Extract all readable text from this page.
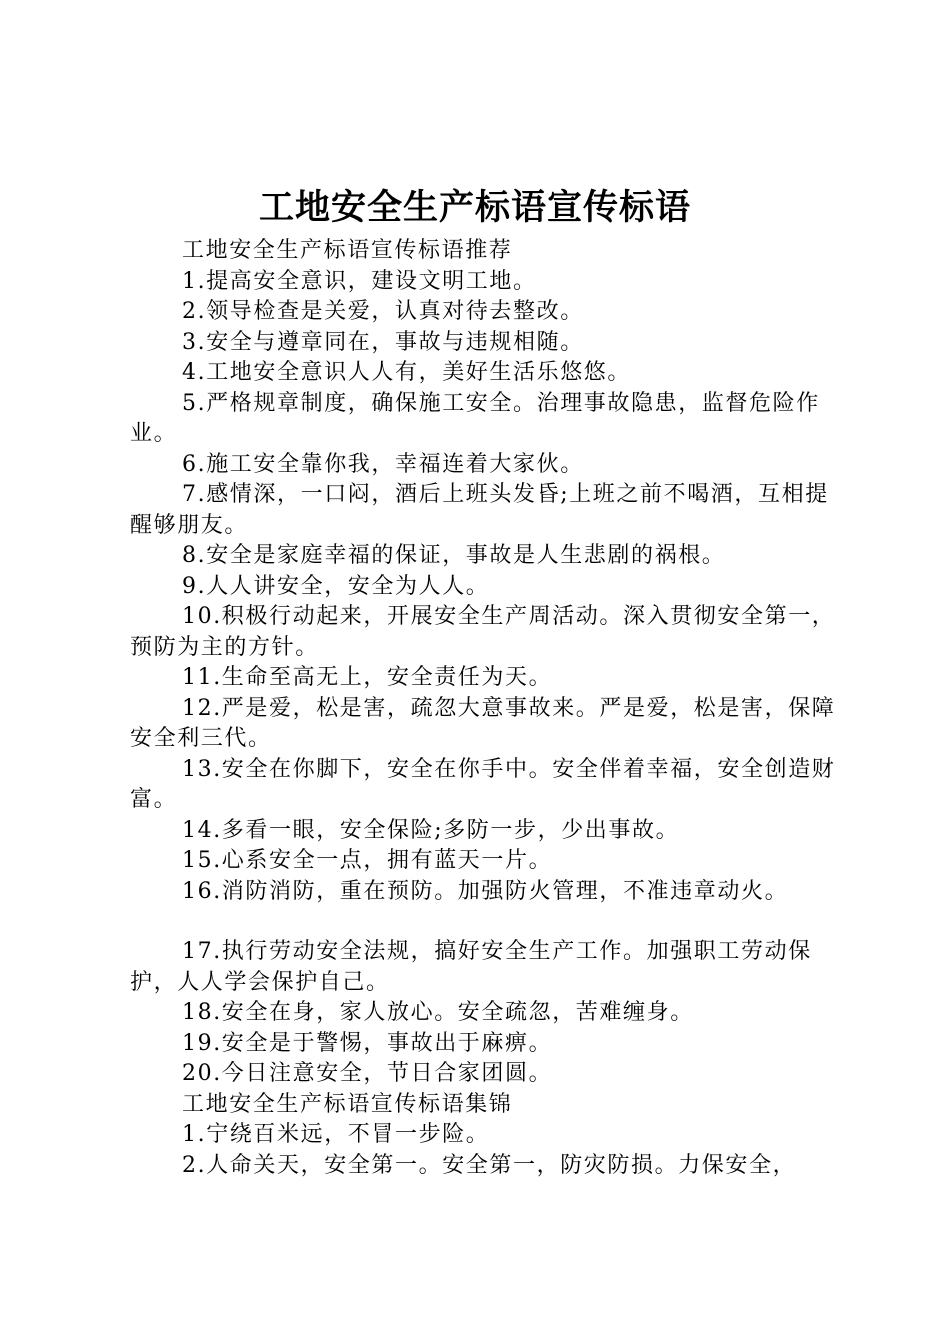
工地安全生产标语宣传标语

工地安全生产标语宣传标语推荐

1.提高安全意识，建设文明工地。

2.领导检查是关爱，认真对待去整改。

3.安全与遵章同在，事故与违规相随。

4.工地安全意识人人有，美好生活乐悠悠。

5.严格规章制度，确保施工安全。治理事故隐患，监督危险作业。

6.施工安全靠你我，幸福连着大家伙。

7.感情深，一口闷，酒后上班头发昏;上班之前不喝酒，互相提醒够朋友。

8.安全是家庭幸福的保证，事故是人生悲剧的祸根。

9.人人讲安全，安全为人人。

10.积极行动起来，开展安全生产周活动。深入贯彻安全第一，预防为主的方针。

11.生命至高无上，安全责任为天。

12.严是爱，松是害，疏忽大意事故来。严是爱，松是害，保障安全利三代。

13.安全在你脚下，安全在你手中。安全伴着幸福，安全创造财富。

14.多看一眼，安全保险;多防一步，少出事故。

15.心系安全一点，拥有蓝天一片。

16.消防消防，重在预防。加强防火管理，不准违章动火。

17.执行劳动安全法规，搞好安全生产工作。加强职工劳动保护，人人学会保护自己。

18.安全在身，家人放心。安全疏忽，苦难缠身。

19.安全是于警惕，事故出于麻痹。

20.今日注意安全，节日合家团圆。

工地安全生产标语宣传标语集锦

1.宁绕百米远，不冒一步险。

2.人命关天，安全第一。安全第一，防灾防损。力保安全，
